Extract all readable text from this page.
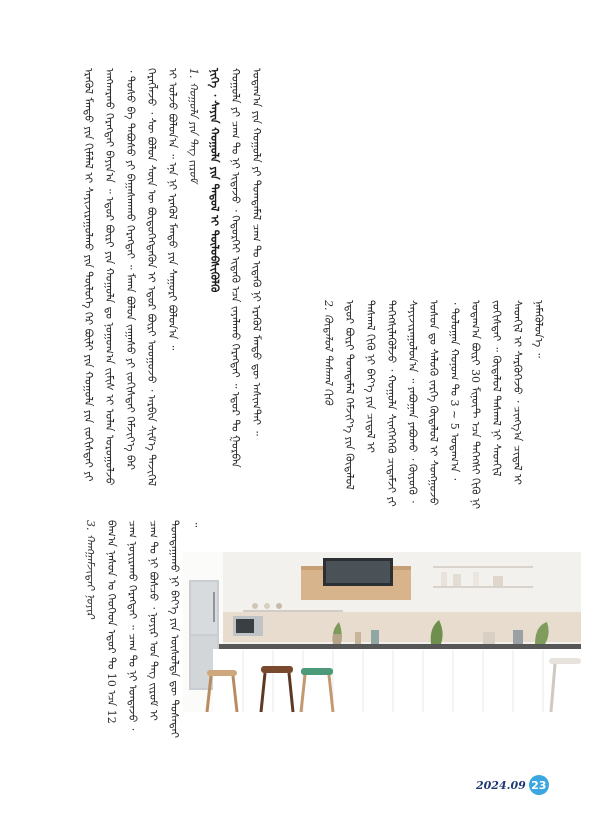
ᠡᠷᠡᠭᠦᠯ ᠮᠡᠨᠳᠦ ᠶᠢᠨ ᠬᠢᠮᠠᠯᠠᠯ ᠢ ᠰᠠᠶᠢᠵᠢᠷᠠᠭᠤᠯᠬᠤ ᠶᠢᠨ ᠲᠥᠯᠦᠭᠡ ᠭᠡᠷ ᠪᠦᠯᠢ ᠶᠢᠨ ᠬᠣᠭᠣᠯᠠ ᠶᠢᠨ ᠵᠣᠬᠢᠰᠲᠠᠢ ᠶᠢ ᠠᠩᠬᠠᠷᠬᠤ ᠬᠡᠷᠡᠭᠲᠡᠢ ᠪᠠᠶᠢᠨ᠎ᠠ ᠃ ᠡᠳᠦᠷ ᠪᠦᠷᠢ ᠶᠢᠨ ᠬᠣᠭᠣᠯᠠ ᠳᠤ ᠨᠣᠭᠣᠭ᠎ᠠ ᠵᠢᠮᠢᠰ ᠢ ᠣᠯᠠᠨ ᠣᠷᠣᠭᠤᠯᠵᠤ ᠂ ᠲᠣᠰᠤ ᠪᠠ ᠳᠠᠪᠤᠰᠤ ᠶᠢ ᠪᠠᠭᠠᠰᠬᠠᠬᠤ ᠬᠡᠷᠡᠭᠲᠡᠢ ᠃ ᠮᠠᠬᠠ ᠪᠣᠯᠤᠨ ᠵᠠᠭᠠᠰᠤ ᠶᠢ ᠵᠣᠬᠢᠰᠲᠠᠢ ᠬᠡᠮᠵᠢᠶ᠎ᠡ ᠪᠡᠷ ᠬᠡᠷᠡᠭᠯᠡᠵᠦ ᠂ ᠰᠦ ᠪᠣᠯᠤᠨ ᠰᠦᠨ ᠦ ᠪᠦᠲᠦᠭᠡᠭᠳᠡᠬᠦᠨ ᠢ ᠡᠳᠦᠷ ᠪᠦᠷᠢ ᠤᠤᠭᠤᠵᠤ ᠂ ᠠᠷᠪᠢᠨ ᠱᠢᠮ᠎ᠡ ᠲᠡᠵᠢᠭᠡᠯ ᠢ ᠣᠯᠵᠤ ᠪᠣᠯᠤᠨ᠎ᠠ ᠃ ᠡᠨᠡ ᠨᠢ ᠡᠷᠡᠭᠦᠯ ᠮᠡᠨᠳᠦ ᠶᠢᠨ ᠰᠠᠭᠤᠷᠢ ᠪᠣᠯᠤᠨ᠎ᠠ ᠃ 1. ᠬᠣᠭᠣᠯᠠ ᠶᠢᠨ ᠳᠡᠭ ᠵᠢᠷᠤᠮ ᠨᠢᠭᠡ ᠂ ᠰᠠᠶᠢᠨ ᠬᠣᠭᠣᠯᠠ ᠶᠢᠨ ᠳᠠᠳᠤᠯ ᠢ ᠲᠥᠯᠦᠪᠰᠢᠭᠦᠯᠬᠦ ᠬᠣᠭᠣᠯᠠ ᠶᠢ ᠴᠠᠭ ᠲᠤ ᠨᠢ ᠢᠳᠡᠵᠦ ᠂ ᠬᠡᠲᠦᠷᠬᠡᠢ ᠢᠳᠡᠬᠦ ᠡᠴᠡ ᠵᠠᠶᠠᠯᠠᠬᠤ ᠬᠡᠷᠡᠭᠲᠡᠢ ᠃ ᠡᠳᠦᠷ ᠲᠤ ᠭᠤᠷᠪᠠᠨ ᠤᠳᠠᠭ᠎ᠠ ᠶᠢᠨ ᠬᠣᠭᠣᠯᠠ ᠶᠢ ᠲᠣᠭᠲᠠᠮᠠᠯ ᠴᠠᠭ ᠲᠤ ᠢᠳᠡᠬᠦ ᠨᠢ ᠡᠷᠡᠭᠦᠯ ᠮᠡᠨᠳᠦ ᠳᠦ ᠠᠰᠢᠭ᠎ᠲᠠᠢ ᠃	2. ᠬᠥᠳᠡᠯᠦᠯ ᠳᠠᠰᠬᠠᠯ ᠬᠢᠬᠦ ᠡᠳᠦᠷ ᠪᠦᠷᠢ ᠲᠣᠭᠲᠠᠮᠠᠯ ᠬᠡᠮᠵᠢᠶ᠎ᠡ ᠶᠢᠨ ᠬᠥᠳᠡᠯᠦᠯ ᠳᠠᠰᠬᠠᠯ ᠬᠢᠬᠦ ᠨᠢ ᠪᠡᠶ᠎ᠡ ᠶᠢᠨ ᠴᠢᠳᠠᠯ ᠢ ᠳᠡᠭᠡᠭᠰᠢᠯᠡᠭᠦᠯᠵᠦ ᠂ ᠬᠣᠭᠣᠯᠠ ᠰᠢᠩᠭᠡᠭᠡᠬᠦ ᠴᠢᠳᠠᠮᠵᠢ ᠶᠢ ᠰᠠᠶᠢᠵᠢᠷᠠᠭᠤᠯᠤᠨ᠎ᠠ ᠃ ᠶᠠᠪᠤᠭᠠᠨ ᠶᠠᠪᠤᠬᠤ ᠂ ᠭᠦᠶᠦᠬᠦ ᠂ ᠤᠰᠤᠨ ᠳᠤ ᠰᠡᠯᠦᠬᠦ ᠵᠡᠷᠭᠡ ᠬᠥᠳᠡᠯᠦᠯ ᠢ ᠰᠣᠩᠭᠣᠵᠤ ᠂ ᠳᠣᠯᠣᠭᠠᠨ ᠬᠣᠨᠤᠭ ᠲᠤ 3 ~ 5 ᠤᠳᠠᠭ᠎ᠠ ᠂ ᠤᠳᠠᠭ᠎ᠠ ᠪᠦᠷᠢ 30 ᠮᠢᠨᠦ᠋ᠲ ᠡᠴᠡ ᠳᠡᠭᠡᠭᠰᠢ ᠬᠢᠬᠦ ᠨᠢ ᠵᠣᠬᠢᠰᠲᠠᠢ ᠃ ᠬᠥᠳᠡᠯᠦᠯ ᠳᠠᠰᠬᠠᠯ ᠨᠢ ᠰᠡᠳᠬᠢᠯ ᠰᠡᠳᠬᠢᠯ ᠢ ᠰᠡᠷᠭᠦᠭᠡᠵᠦ ᠂ ᠴᠢᠩᠭ᠎ᠠ ᠴᠢᠳᠠᠯ ᠢ ᠨᠡᠮᠡᠭᠦᠯᠦᠨ᠎ᠡ ᠃

3. ᠬᠠᠩᠭᠠᠮᠵᠢᠲᠠᠢ ᠨᠣᠶᠢᠷ ᠪᠠᠭ᠎ᠠ ᠨᠠᠰᠤᠨ ᠤ ᠬᠡᠦᠬᠡᠳ ᠡᠳᠦᠷ ᠲᠤ 10 ᠡᠴᠡ 12 ᠴᠠᠭ ᠨᠣᠶᠢᠷᠠᠬᠤ ᠬᠡᠷᠡᠭᠲᠡᠢ ᠃ ᠴᠠᠭ ᠲᠤ ᠨᠢ ᠤᠨᠲᠠᠵᠤ ᠂ ᠴᠠᠭ ᠲᠤ ᠨᠢ ᠪᠣᠰᠴᠤ ᠂ ᠨᠣᠶᠢᠷ ᠤᠨ ᠳᠡᠭ ᠵᠢᠷᠤᠮ ᠢ ᠲᠣᠭᠲᠠᠭᠠᠬᠤ ᠨᠢ ᠪᠡᠶ᠎ᠡ ᠶᠢᠨ ᠦᠰᠦᠯᠲᠡ ᠳᠦ ᠲᠤᠰᠠᠲᠠᠢ ᠃

2024.09 23
